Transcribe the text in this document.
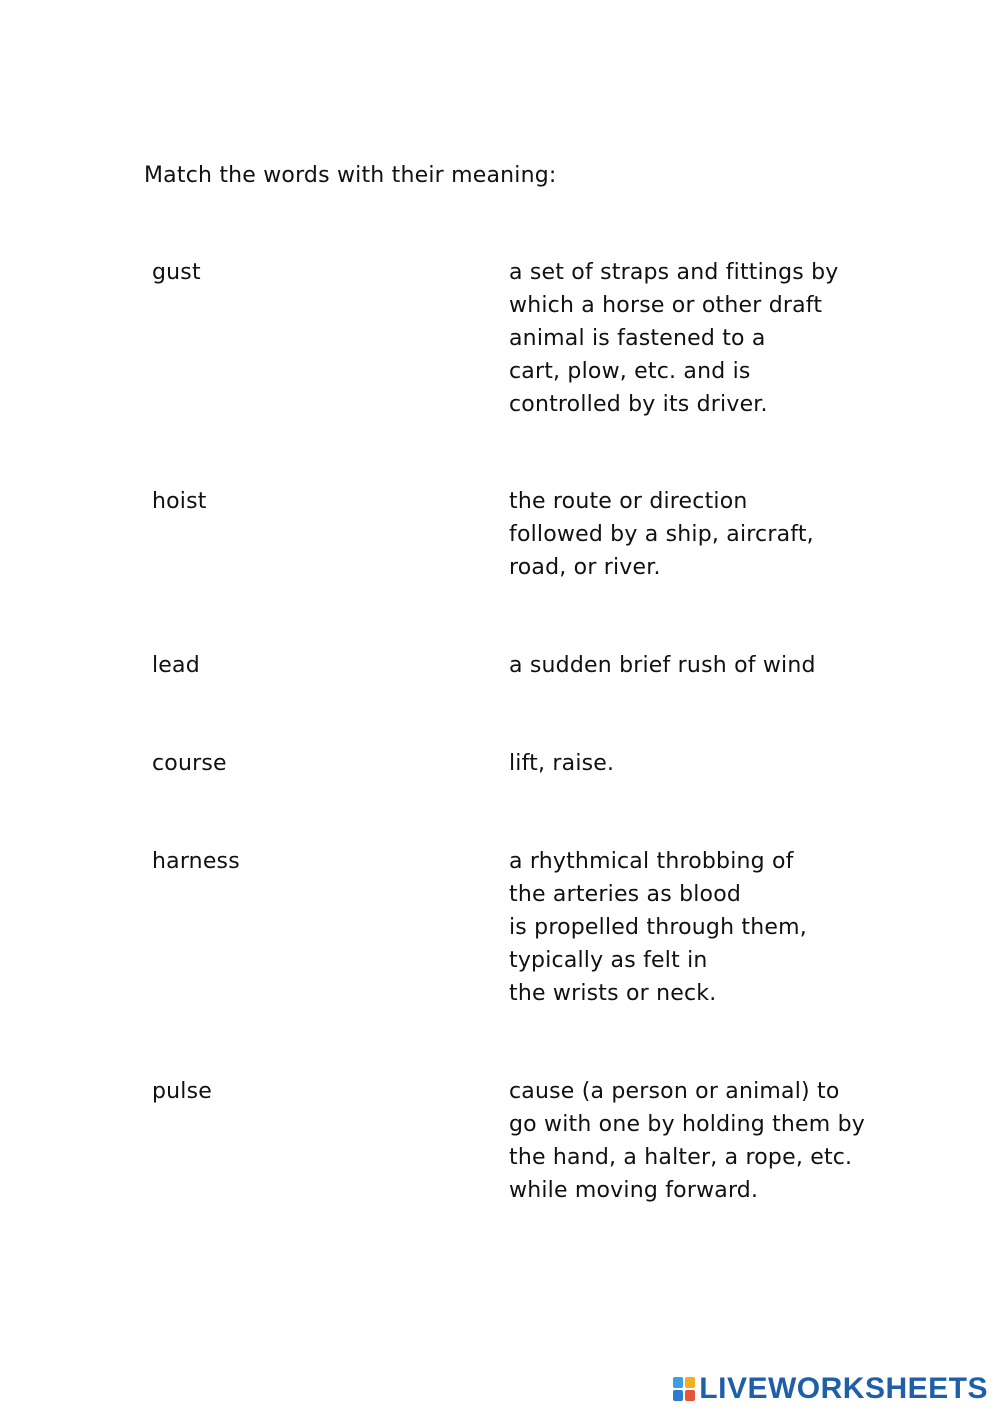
Match the words with their meaning:
gust	a set of straps and fittings by
which a horse or other draft
animal is fastened to a
cart, plow, etc. and is
controlled by its driver.
hoist	the route or direction
followed by a ship, aircraft,
road, or river.
lead	a sudden brief rush of wind
course	lift, raise.
harness	a rhythmical throbbing of
the arteries as blood
is propelled through them,
typically as felt in
the wrists or neck.
pulse	cause (a person or animal) to
go with one by holding them by
the hand, a halter, a rope, etc.
while moving forward.
LIVEWORKSHEETS
